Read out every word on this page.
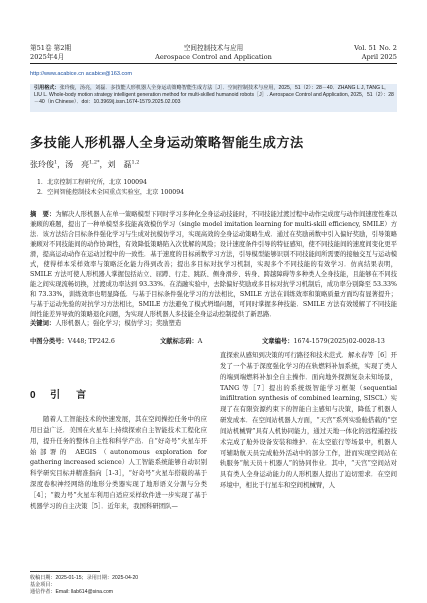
第51卷 第2期
2025年4月
空间控制技术与应用
Aerospace Control and Application
Vol. 51 No. 2
April 2025
http://www.acabice.cn acabice@163.com
引用格式：张玲俊，汤亮，刘磊．多技能人形机器人全身运动策略智能生成方法［J］．空间控制技术与应用，2025，51（2）：28－40．ZHANG L J, TANG L, LIU L. Whole-body motion strategy intelligent generation method for multi-skilled humanoid robots［J］. Aerospace Control and Application, 2025，51（2）：28－40（in Chinese）．doi：10.3969/j.issn.1674-1579.2025.02.003
多技能人形机器人全身运动策略智能生成方法
张玲俊$^1$，汤　亮$^{1,2*}$，刘　磊$^{1,2}$
1．北京控制工程研究所，北京 100094
2．空间智能控制技术全国重点实验室，北京 100094
摘　要：为解决人形机器人在单一策略模型下同时学习多种化全身运动技能时，不同技能过渡过程中动作完成度与动作间速度性难以兼顾的难题，提出了一种单模型多技能高效模仿学习（single model imitation learning for multi-skill efficiency, SMILE）方法．该方法结合目标条件强化学习与生成对抗模仿学习，实现高效的全身运动策略生成．通过在奖励函数中引入偏好奖励，引导策略兼顾对不同技能间的动作协调性，有效降低策略陷入次优解的风险；设计速度条件引导的特征感知，使不同技能间的速度间变化更平滑，提高运动动作在运动过程中的一致性．基于速度的目标函数学习方法，引导模型能够识别不同技能间所需要的接触交互与运动模式，使得样本采样效率与策略泛化能力得到改善；提出多目标对抗学习机制，实现多个不同技能的有效学习．仿真结果表明，SMILE 方法可使人形机器人掌握包括站立、屈蹲、行走、跳跃、侧身滑步、转身、跨越障碍等多种类人全身技能，且能够在不同技能之间实现流畅切换，过渡成功率达到 93.33%．在消融实验中，去除偏好奖励或多目标对抗学习机制后，成功率分别降至 53.33%和 73.33%，训练效率也明显降低．与基于目标条件强化学习的方法相比，SMILE 方法在训练效率和策略质量方面均有显著提升；与基于运动先验的对抗学习方法相比，SMILE 方法避免了模式坍塌问题，可同时掌握多种技能．SMILE 方法有效缓解了不同技能间性能差异导致的策略退化问题，为实现人形机器人多技能全身运动控制提供了新思路．
关键词：人形机器人；强化学习；模仿学习；奖励塑造
中图分类号：V448; TP242.6	文献标志码：A	文章编号：1674-1579(2025)02-0028-13
0 引　言
随着人工智能技术的快速发展，其在空间操控任务中的应用日益广泛．美国在火星车上持续探索自主智能技术工程化应用，提升任务的整体自主性和科学产出．自“好奇号”火星车开始部署的 AEGIS（autonomous exploration for gathering increased science）人工智能系统能够自动识别科学研究目标并精准指向［1-3］，“好奇号”火星车搭载的基于深度卷积神经网络的地形分类器实现了地形语义分割与分类［4］；“毅力号”火星车利用自适应采样软件进一步实现了基于机器学习的自主决策［5］．近年来，我国科研团队—
直探索从感知到决策的可行路径和技术范式．解永春等［6］开发了一个基于深度强化学习的在轨燃料补加系统，实现了类人的端到端燃料补加全自主操作．面向地外探测复杂未知场景，TANG 等［7］提出的系统级智能学习框架（sequential inifiltration synthesis of combined learning, SISCL）实现了在有限资源约束下的智能自主感知与决策，降低了机器人研发成本．在空间站机器人方面，“天宫”系列实验舱搭载的“空间站机械臂”具有人机协同能力，通过天地一体化的远程遥控技术完成了舱外设备安装和维护．在太空旅行等场景中，机器人可辅助航天员完成舱外活动中的部分工作，进而实现空间站在轨服务“航天员＋机器人”的协同作业．其中，“天宫”空间站对具有类人全身运动能力的人形机器人提出了迫切需求．在空间环境中，相比于行星车和空间机械臂，人
收稿日期：2025-01-15；录用日期：2025-04-20
基金项目：
通信作者：Email: llab614@sina.com
